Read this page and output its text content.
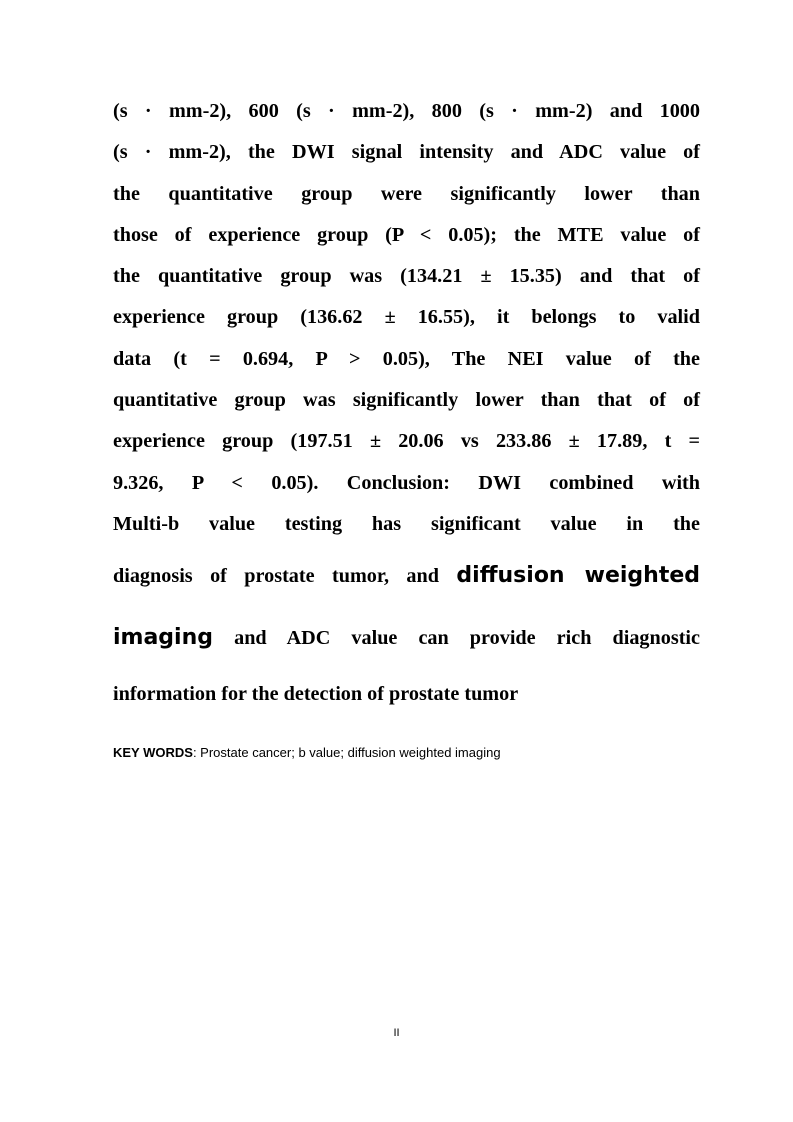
(s · mm-2), 600 (s · mm-2), 800 (s · mm-2) and 1000
(s · mm-2), the DWI signal intensity and ADC value of
the quantitative group were significantly lower than
those of experience group (P < 0.05); the MTE value of
the quantitative group was (134.21 ± 15.35) and that of
experience group (136.62 ± 16.55), it belongs to valid
data (t = 0.694, P > 0.05), The NEI value of the
quantitative group was significantly lower than that of of
experience group (197.51 ± 20.06 vs 233.86 ± 17.89, t =
9.326, P < 0.05). Conclusion: DWI combined with
Multi-b value testing has significant value in the
diagnosis of prostate tumor, and diffusion weighted
imaging and ADC value can provide rich diagnostic
information for the detection of prostate tumor

KEY WORDS: Prostate cancer; b value; diffusion weighted imaging

II
